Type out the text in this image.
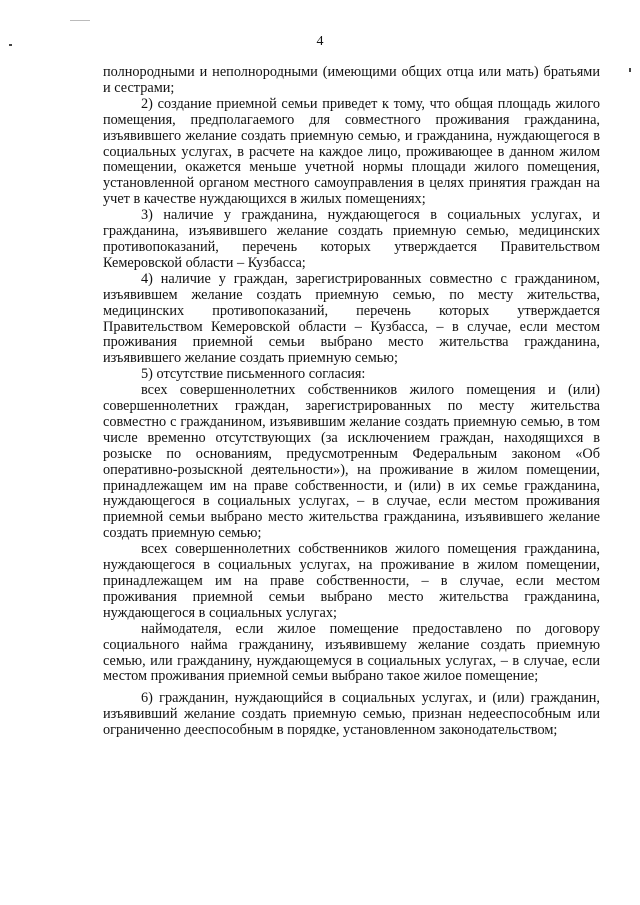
4

полнородными и неполнородными (имеющими общих отца или мать) братьями и сестрами;

2) создание приемной семьи приведет к тому, что общая площадь жилого помещения, предполагаемого для совместного проживания гражданина, изъявившего желание создать приемную семью, и гражданина, нуждающегося в социальных услугах, в расчете на каждое лицо, проживающее в данном жилом помещении, окажется меньше учетной нормы площади жилого помещения, установленной органом местного самоуправления в целях принятия граждан на учет в качестве нуждающихся в жилых помещениях;

3) наличие у гражданина, нуждающегося в социальных услугах, и гражданина, изъявившего желание создать приемную семью, медицинских противопоказаний, перечень которых утверждается Правительством Кемеровской области – Кузбасса;

4) наличие у граждан, зарегистрированных совместно с гражданином, изъявившем желание создать приемную семью, по месту жительства, медицинских противопоказаний, перечень которых утверждается Правительством Кемеровской области – Кузбасса, – в случае, если местом проживания приемной семьи выбрано место жительства гражданина, изъявившего желание создать приемную семью;

5) отсутствие письменного согласия:

всех совершеннолетних собственников жилого помещения и (или) совершеннолетних граждан, зарегистрированных по месту жительства совместно с гражданином, изъявившим желание создать приемную семью, в том числе временно отсутствующих (за исключением граждан, находящихся в розыске по основаниям, предусмотренным Федеральным законом «Об оперативно-розыскной деятельности»), на проживание в жилом помещении, принадлежащем им на праве собственности, и (или) в их семье гражданина, нуждающегося в социальных услугах, – в случае, если местом проживания приемной семьи выбрано место жительства гражданина, изъявившего желание создать приемную семью;

всех совершеннолетних собственников жилого помещения гражданина, нуждающегося в социальных услугах, на проживание в жилом помещении, принадлежащем им на праве собственности, – в случае, если местом проживания приемной семьи выбрано место жительства гражданина, нуждающегося в социальных услугах;

наймодателя, если жилое помещение предоставлено по договору социального найма гражданину, изъявившему желание создать приемную семью, или гражданину, нуждающемуся в социальных услугах, – в случае, если местом проживания приемной семьи выбрано такое жилое помещение;

6) гражданин, нуждающийся в социальных услугах, и (или) гражданин, изъявивший желание создать приемную семью, признан недееспособным или ограниченно дееспособным в порядке, установленном законодательством;
